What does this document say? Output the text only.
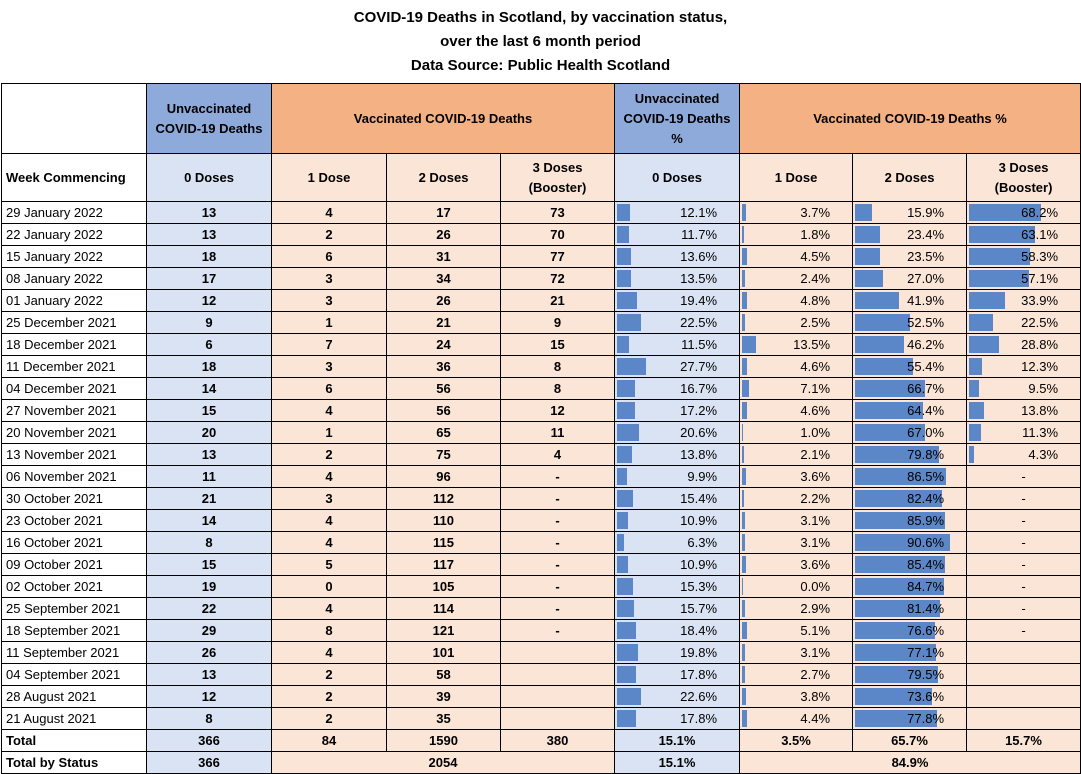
COVID-19 Deaths in Scotland, by vaccination status,
over the last 6 month period
Data Source: Public Health Scotland
	Unvaccinated COVID-19 Deaths	Vaccinated COVID-19 Deaths			Unvaccinated COVID-19 Deaths %	Vaccinated COVID-19 Deaths %		
Week Commencing	0 Doses	1 Dose	2 Doses	3 Doses (Booster)	0 Doses	1 Dose	2 Doses	3 Doses (Booster)
29 January 2022	13	4	17	73	12.1%	3.7%	15.9%	68.2%

22 January 2022	13	2	26	70	11.7%	1.8%	23.4%	63.1%

15 January 2022	18	6	31	77	13.6%	4.5%	23.5%	58.3%

08 January 2022	17	3	34	72	13.5%	2.4%	27.0%	57.1%

01 January 2022	12	3	26	21	19.4%	4.8%	41.9%	33.9%

25 December 2021	9	1	21	9	22.5%	2.5%	52.5%	22.5%

18 December 2021	6	7	24	15	11.5%	13.5%	46.2%	28.8%

11 December 2021	18	3	36	8	27.7%	4.6%	55.4%	12.3%

04 December 2021	14	6	56	8	16.7%	7.1%	66.7%	9.5%

27 November 2021	15	4	56	12	17.2%	4.6%	64.4%	13.8%

20 November 2021	20	1	65	11	20.6%	1.0%	67.0%	11.3%

13 November 2021	13	2	75	4	13.8%	2.1%	79.8%	4.3%

06 November 2021	11	4	96	-	9.9%	3.6%	86.5%	-

30 October 2021	21	3	112	-	15.4%	2.2%	82.4%	-

23 October 2021	14	4	110	-	10.9%	3.1%	85.9%	-

16 October 2021	8	4	115	-	6.3%	3.1%	90.6%	-

09 October 2021	15	5	117	-	10.9%	3.6%	85.4%	-

02 October 2021	19	0	105	-	15.3%	0.0%	84.7%	-

25 September 2021	22	4	114	-	15.7%	2.9%	81.4%	-

18 September 2021	29	8	121	-	18.4%	5.1%	76.6%	-

11 September 2021	26	4	101		19.8%	3.1%	77.1%	

04 September 2021	13	2	58		17.8%	2.7%	79.5%	

28 August 2021	12	2	39		22.6%	3.8%	73.6%	

21 August 2021	8	2	35		17.8%	4.4%	77.8%	

Total	366	84	1590	380	15.1%	3.5%	65.7%	15.7%
Total by Status	366	2054			15.1%	84.9%		
